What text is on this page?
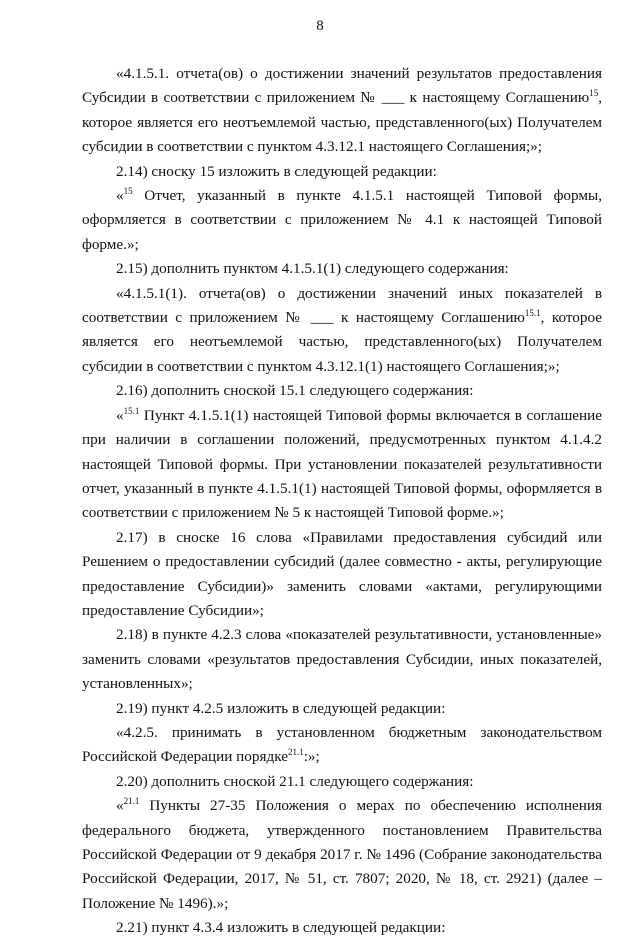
8

«4.1.5.1. отчета(ов) о достижении значений результатов предоставления Субсидии в соответствии с приложением № ___ к настоящему Соглашению$^{15}$, которое является его неотъемлемой частью, представленного(ых) Получателем субсидии в соответствии с пунктом 4.3.12.1 настоящего Соглашения;»;

2.14) сноску 15 изложить в следующей редакции:

«$^{15}$ Отчет, указанный в пункте 4.1.5.1 настоящей Типовой формы, оформляется в соответствии с приложением № 4.1 к настоящей Типовой форме.»;

2.15) дополнить пунктом 4.1.5.1(1) следующего содержания:

«4.1.5.1(1). отчета(ов) о достижении значений иных показателей в соответствии с приложением № ___ к настоящему Соглашению$^{15.1}$, которое является его неотъемлемой частью, представленного(ых) Получателем субсидии в соответствии с пунктом 4.3.12.1(1) настоящего Соглашения;»;

2.16) дополнить сноской 15.1 следующего содержания:

«$^{15.1}$ Пункт 4.1.5.1(1) настоящей Типовой формы включается в соглашение при наличии в соглашении положений, предусмотренных пунктом 4.1.4.2 настоящей Типовой формы. При установлении показателей результативности отчет, указанный в пункте 4.1.5.1(1) настоящей Типовой формы, оформляется в соответствии с приложением № 5 к настоящей Типовой форме.»;

2.17) в сноске 16 слова «Правилами предоставления субсидий или Решением о предоставлении субсидий (далее совместно - акты, регулирующие предоставление Субсидии)» заменить словами «актами, регулирующими предоставление Субсидии»;

2.18) в пункте 4.2.3 слова «показателей результативности, установленные» заменить словами «результатов предоставления Субсидии, иных показателей, установленных»;

2.19) пункт 4.2.5 изложить в следующей редакции:

«4.2.5. принимать в установленном бюджетным законодательством Российской Федерации порядке$^{21.1}$:»;

2.20) дополнить сноской 21.1 следующего содержания:

«$^{21.1}$ Пункты 27-35 Положения о мерах по обеспечению исполнения федерального бюджета, утвержденного постановлением Правительства Российской Федерации от 9 декабря 2017 г. № 1496 (Собрание законодательства Российской Федерации, 2017, № 51, ст. 7807; 2020, № 18, ст. 2921) (далее – Положение № 1496).»;

2.21) пункт 4.3.4 изложить в следующей редакции:
